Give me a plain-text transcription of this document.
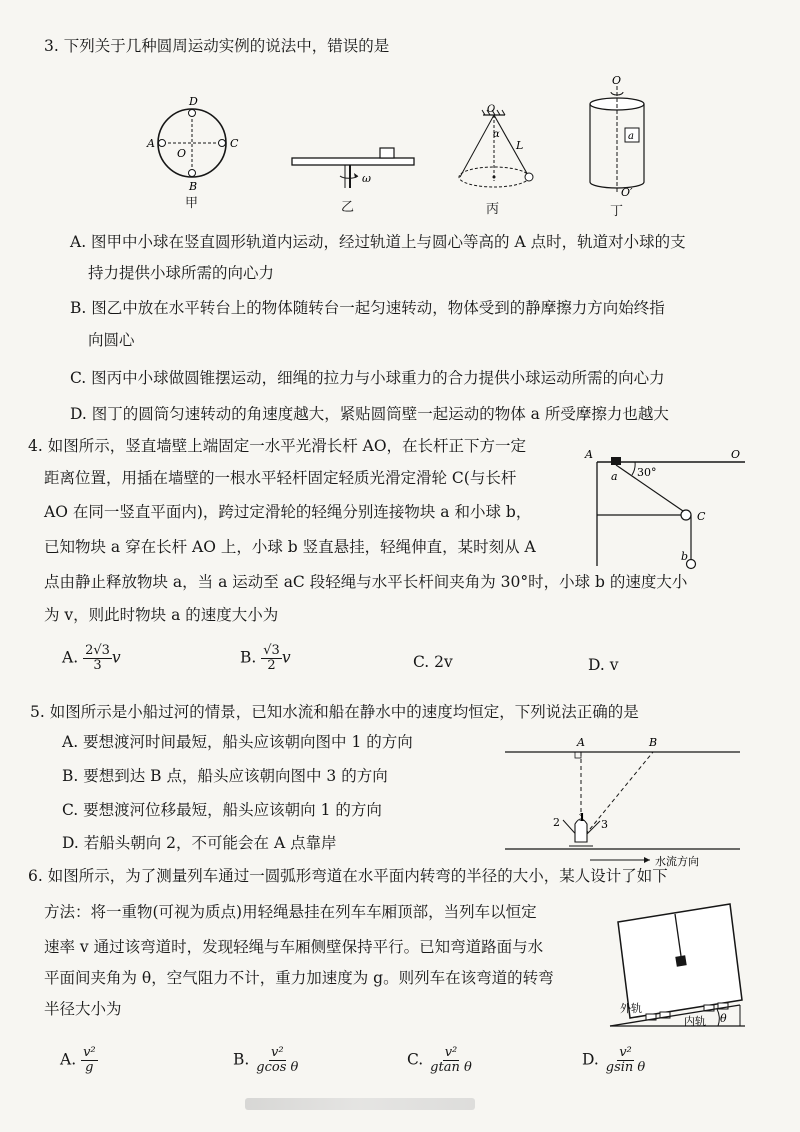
3. 下列关于几种圆周运动实例的说法中，错误的是
D
B
A	C
O
甲
ω
乙
O
α
L
丙
a
O
O′
丁
A. 图甲中小球在竖直圆形轨道内运动，经过轨道上与圆心等高的 A 点时，轨道对小球的支
持力提供小球所需的向心力
B. 图乙中放在水平转台上的物体随转台一起匀速转动，物体受到的静摩擦力方向始终指
向圆心
C. 图丙中小球做圆锥摆运动，细绳的拉力与小球重力的合力提供小球运动所需的向心力
D. 图丁的圆筒匀速转动的角速度越大，紧贴圆筒壁一起运动的物体 a 所受摩擦力也越大
4. 如图所示，竖直墙壁上端固定一水平光滑长杆 AO，在长杆正下方一定
距离位置，用插在墙壁的一根水平轻杆固定轻质光滑定滑轮 C(与长杆
AO 在同一竖直平面内)，跨过定滑轮的轻绳分别连接物块 a 和小球 b，
已知物块 a 穿在长杆 AO 上，小球 b 竖直悬挂，轻绳伸直，某时刻从 A
点由静止释放物块 a，当 a 运动至 aC 段轻绳与水平长杆间夹角为 30°时，小球 b 的速度大小
为 v，则此时物块 a 的速度大小为
A	O
a 30°
C
b
A. $\frac{2√3}{3}$ v	B. $\frac{√3}{2}$ v	C. 2v	D. v
5. 如图所示是小船过河的情景，已知水流和船在静水中的速度均恒定，下列说法正确的是
A. 要想渡河时间最短，船头应该朝向图中 1 的方向
B. 要想到达 B 点，船头应该朝向图中 3 的方向
C. 要想渡河位移最短，船头应该朝向 1 的方向
D. 若船头朝向 2，不可能会在 A 点靠岸
A	B
1
2	3
水流方向
6. 如图所示，为了测量列车通过一圆弧形弯道在水平面内转弯的半径的大小，某人设计了如下
方法：将一重物(可视为质点)用轻绳悬挂在列车车厢顶部，当列车以恒定
速率 v 通过该弯道时，发现轻绳与车厢侧壁保持平行。已知弯道路面与水
平面间夹角为 θ，空气阻力不计，重力加速度为 g。则列车在该弯道的转弯
半径大小为	外轨
内轨 θ
A. $\frac{\text{v²}}{g}$	B. $\frac{\text{v²}}{\text{gcos θ}}$	C. $\frac{\text{v²}}{\text{gtan θ}}$	D. $\frac{\text{v²}}{\text{gsin θ}}$
